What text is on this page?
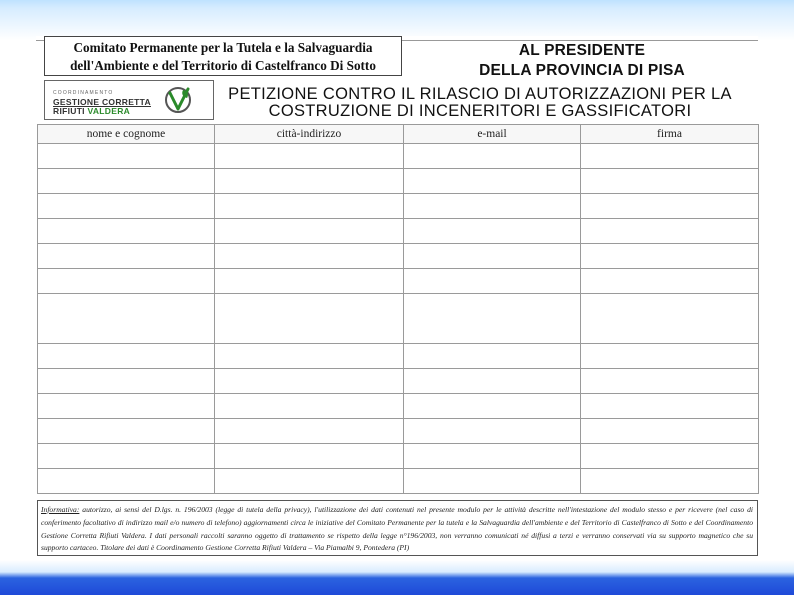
Comitato Permanente per la Tutela e la Salvaguardia
dell'Ambiente e del Territorio di Castelfranco Di Sotto
AL PRESIDENTE
DELLA PROVINCIA DI PISA
COORDINAMENTO
GESTIONE CORRETTA
RIFIUTI VALDERA
PETIZIONE CONTRO IL RILASCIO DI AUTORIZZAZIONI PER LA
COSTRUZIONE DI INCENERITORI E GASSIFICATORI
nome e cognome	città-indirizzo	e-mail	firma

Informativa: autorizzo, ai sensi del D.lgs. n. 196/2003 (legge di tutela della privacy), l'utilizzazione dei dati contenuti nel presente modulo per le attività descritte nell'intestazione del modulo stesso e per ricevere (nel caso di conferimento facoltativo di indirizzo mail e/o numero di telefono) aggiornamenti circa le iniziative del Comitato Permanente per la tutela e la Salvaguardia dell'ambiente e del Territorio di Castelfranco di Sotto e del Coordinamento Gestione Corretta Rifiuti Valdera. I dati personali raccolti saranno oggetto di trattamento se rispetto della legge n°196/2003, non verranno comunicati né diffusi a terzi e verranno conservati via su supporto magnetico che su supporto cartaceo. Titolare dei dati è Coordinamento Gestione Corretta Rifiuti Valdera – Via Piamalbi 9, Pontedera (PI)
